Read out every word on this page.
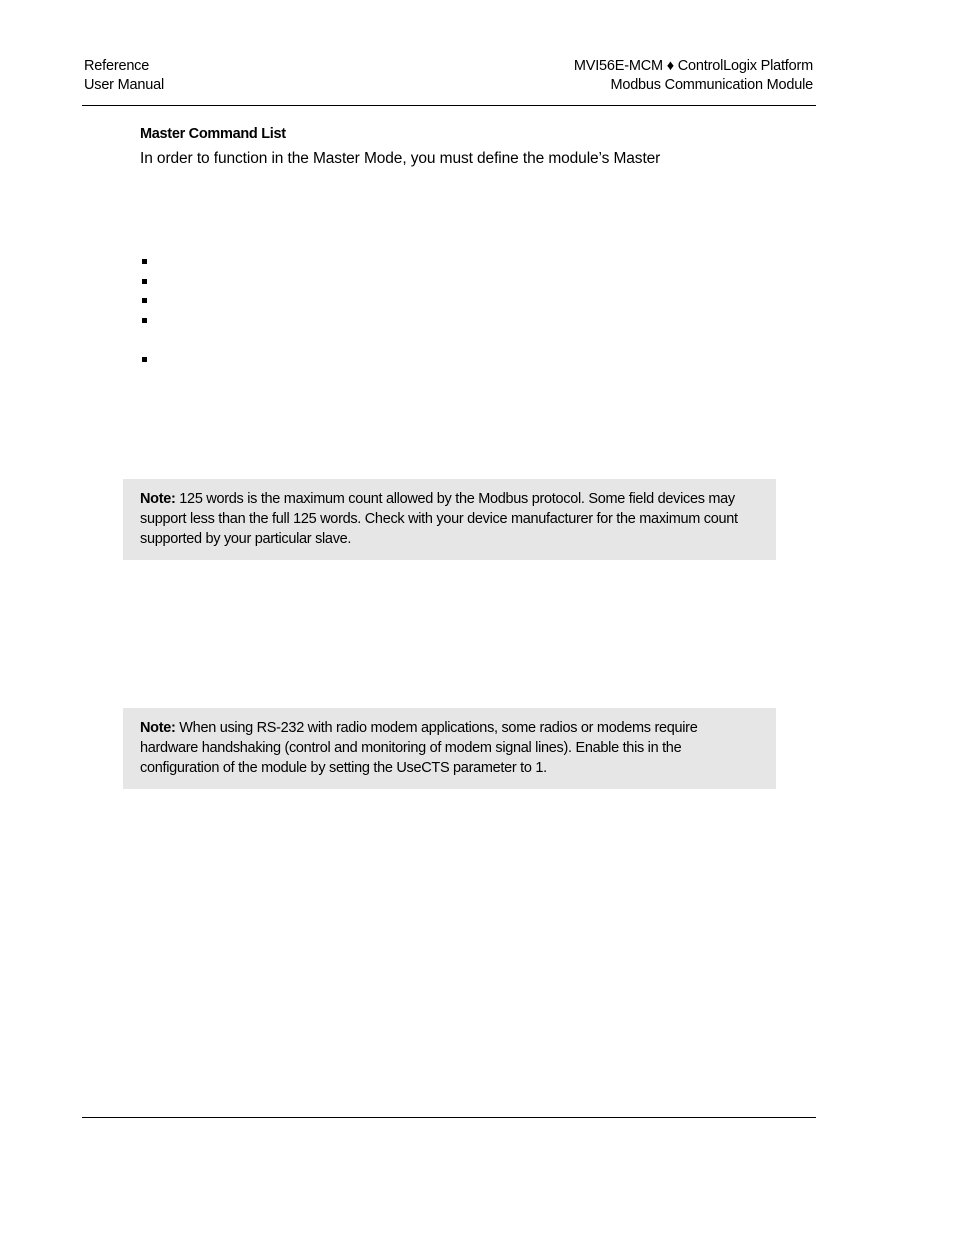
Reference
User Manual
MVI56E-MCM ♦ ControlLogix Platform
Modbus Communication Module
Master Command List
In order to function in the Master Mode, you must define the module’s Master
Note: 125 words is the maximum count allowed by the Modbus protocol. Some field devices may support less than the full 125 words. Check with your device manufacturer for the maximum count supported by your particular slave.
Note: When using RS-232 with radio modem applications, some radios or modems require hardware handshaking (control and monitoring of modem signal lines). Enable this in the configuration of the module by setting the UseCTS parameter to 1.
